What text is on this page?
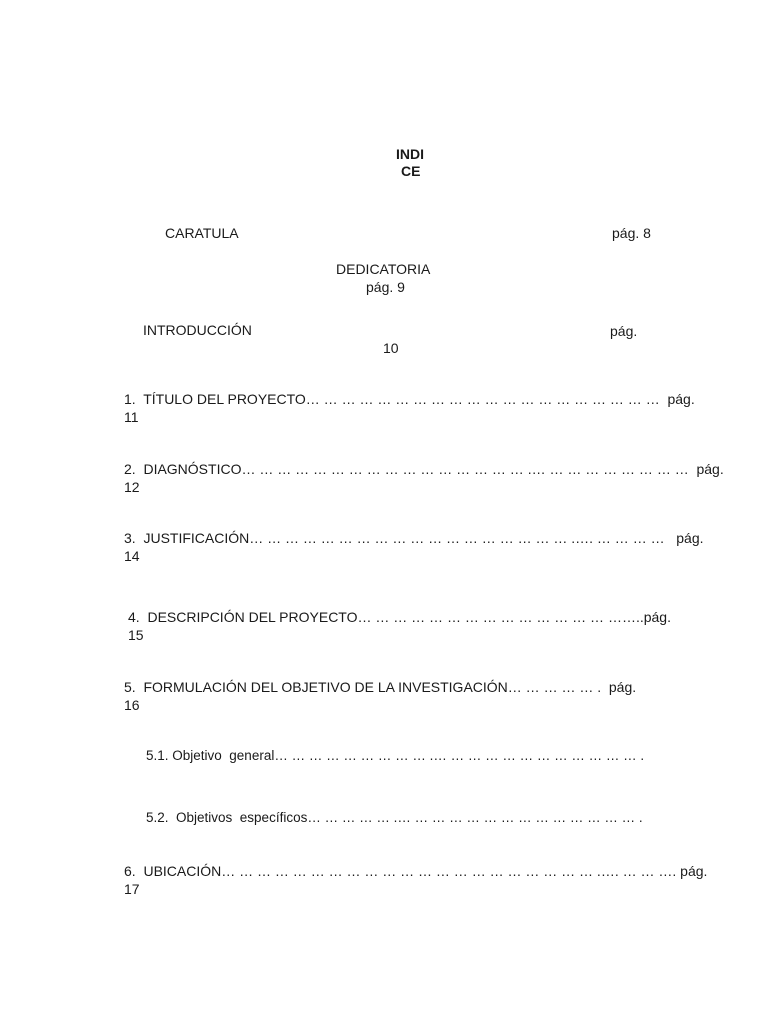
INDI
CE
CARATULA	pág. 8
DEDICATORIA
pág. 9
INTRODUCCIÓN	pág.
10
1.  TÍTULO DEL PROYECTO… … … … … … … … … … … … … … … … … … … …  pág.
11
2.  DIAGNÓSTICO… … … … … … … … … … … … … … … … .… … … … … … … … …  pág.
12
3.  JUSTIFICACIÓN… … … … … … … … … … … … … … … … … … .…. … … … …   pág.
14
4.  DESCRIPCIÓN DEL PROYECTO… … … … … … … … … … … … … … ……..pág.
15
5.  FORMULACIÓN DEL OBJETIVO DE LA INVESTIGACIÓN… … … … … .  pág.
16
5.1. Objetivo  general… … … … … … … … … .… … … … … … … … … … … … .
5.2.  Objetivos  específicos… … … … … .… … … … … … … … … … … … … … .
6.  UBICACIÓN… … … … … … … … … … … … … … … … … … … … … .…. … … …. pág.
17
